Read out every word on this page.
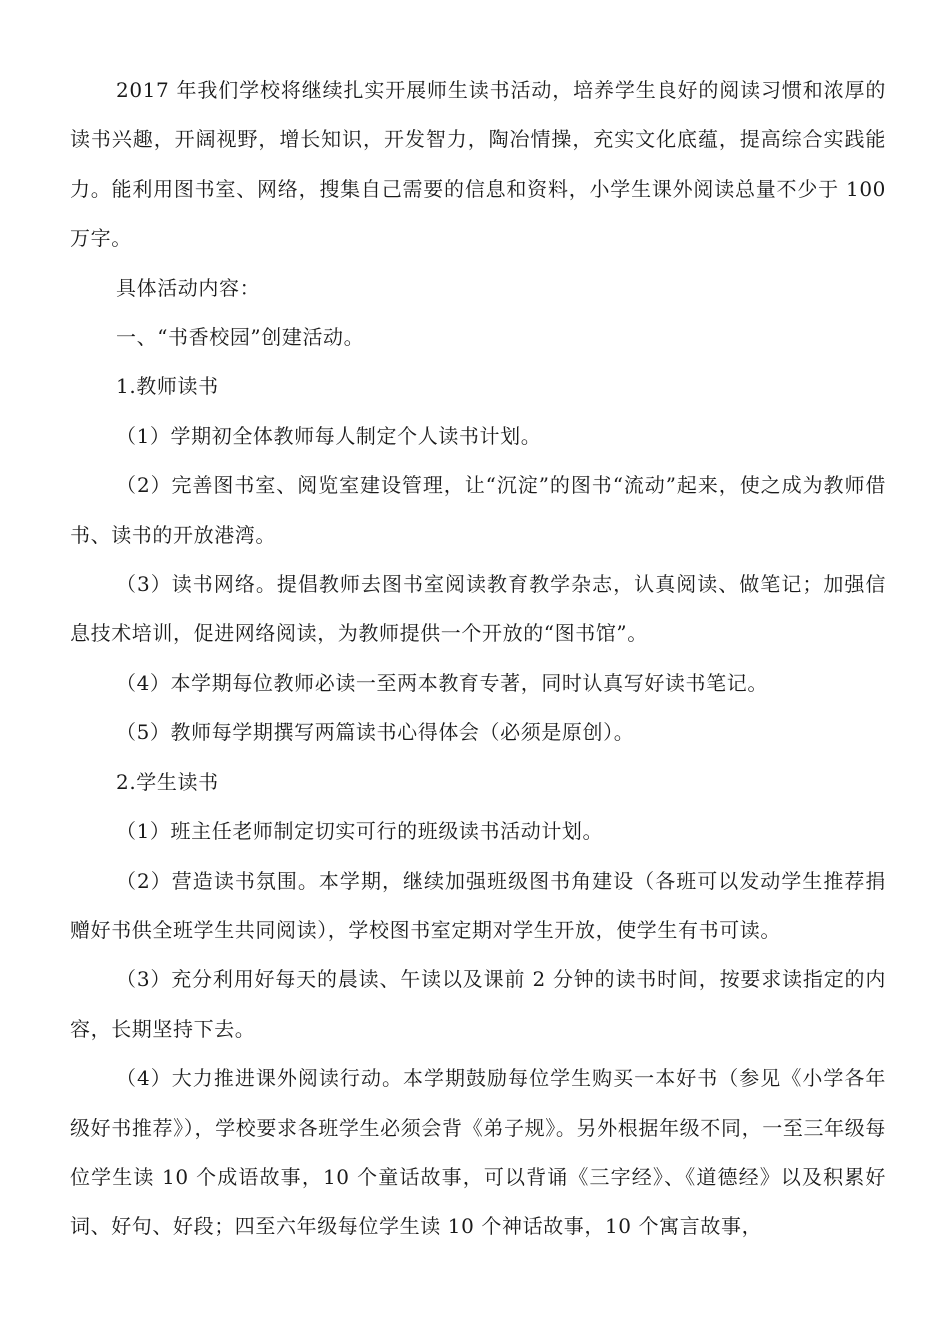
2017 年我们学校将继续扎实开展师生读书活动，培养学生良好的阅读习惯和浓厚的读书兴趣，开阔视野，增长知识，开发智力，陶冶情操，充实文化底蕴，提高综合实践能力。能利用图书室、网络，搜集自己需要的信息和资料，小学生课外阅读总量不少于 100 万字。

具体活动内容：

一、“书香校园”创建活动。

1.教师读书

（1）学期初全体教师每人制定个人读书计划。

（2）完善图书室、阅览室建设管理，让“沉淀”的图书“流动”起来，使之成为教师借书、读书的开放港湾。

（3）读书网络。提倡教师去图书室阅读教育教学杂志，认真阅读、做笔记；加强信息技术培训，促进网络阅读，为教师提供一个开放的“图书馆”。

（4）本学期每位教师必读一至两本教育专著，同时认真写好读书笔记。

（5）教师每学期撰写两篇读书心得体会（必须是原创）。

2.学生读书

（1）班主任老师制定切实可行的班级读书活动计划。

（2）营造读书氛围。本学期，继续加强班级图书角建设（各班可以发动学生推荐捐赠好书供全班学生共同阅读），学校图书室定期对学生开放，使学生有书可读。

（3）充分利用好每天的晨读、午读以及课前 2 分钟的读书时间，按要求读指定的内容，长期坚持下去。

（4）大力推进课外阅读行动。本学期鼓励每位学生购买一本好书（参见《小学各年级好书推荐》），学校要求各班学生必须会背《弟子规》。另外根据年级不同，一至三年级每位学生读 10 个成语故事，10 个童话故事，可以背诵《三字经》、《道德经》以及积累好词、好句、好段；四至六年级每位学生读 10 个神话故事，10 个寓言故事，
